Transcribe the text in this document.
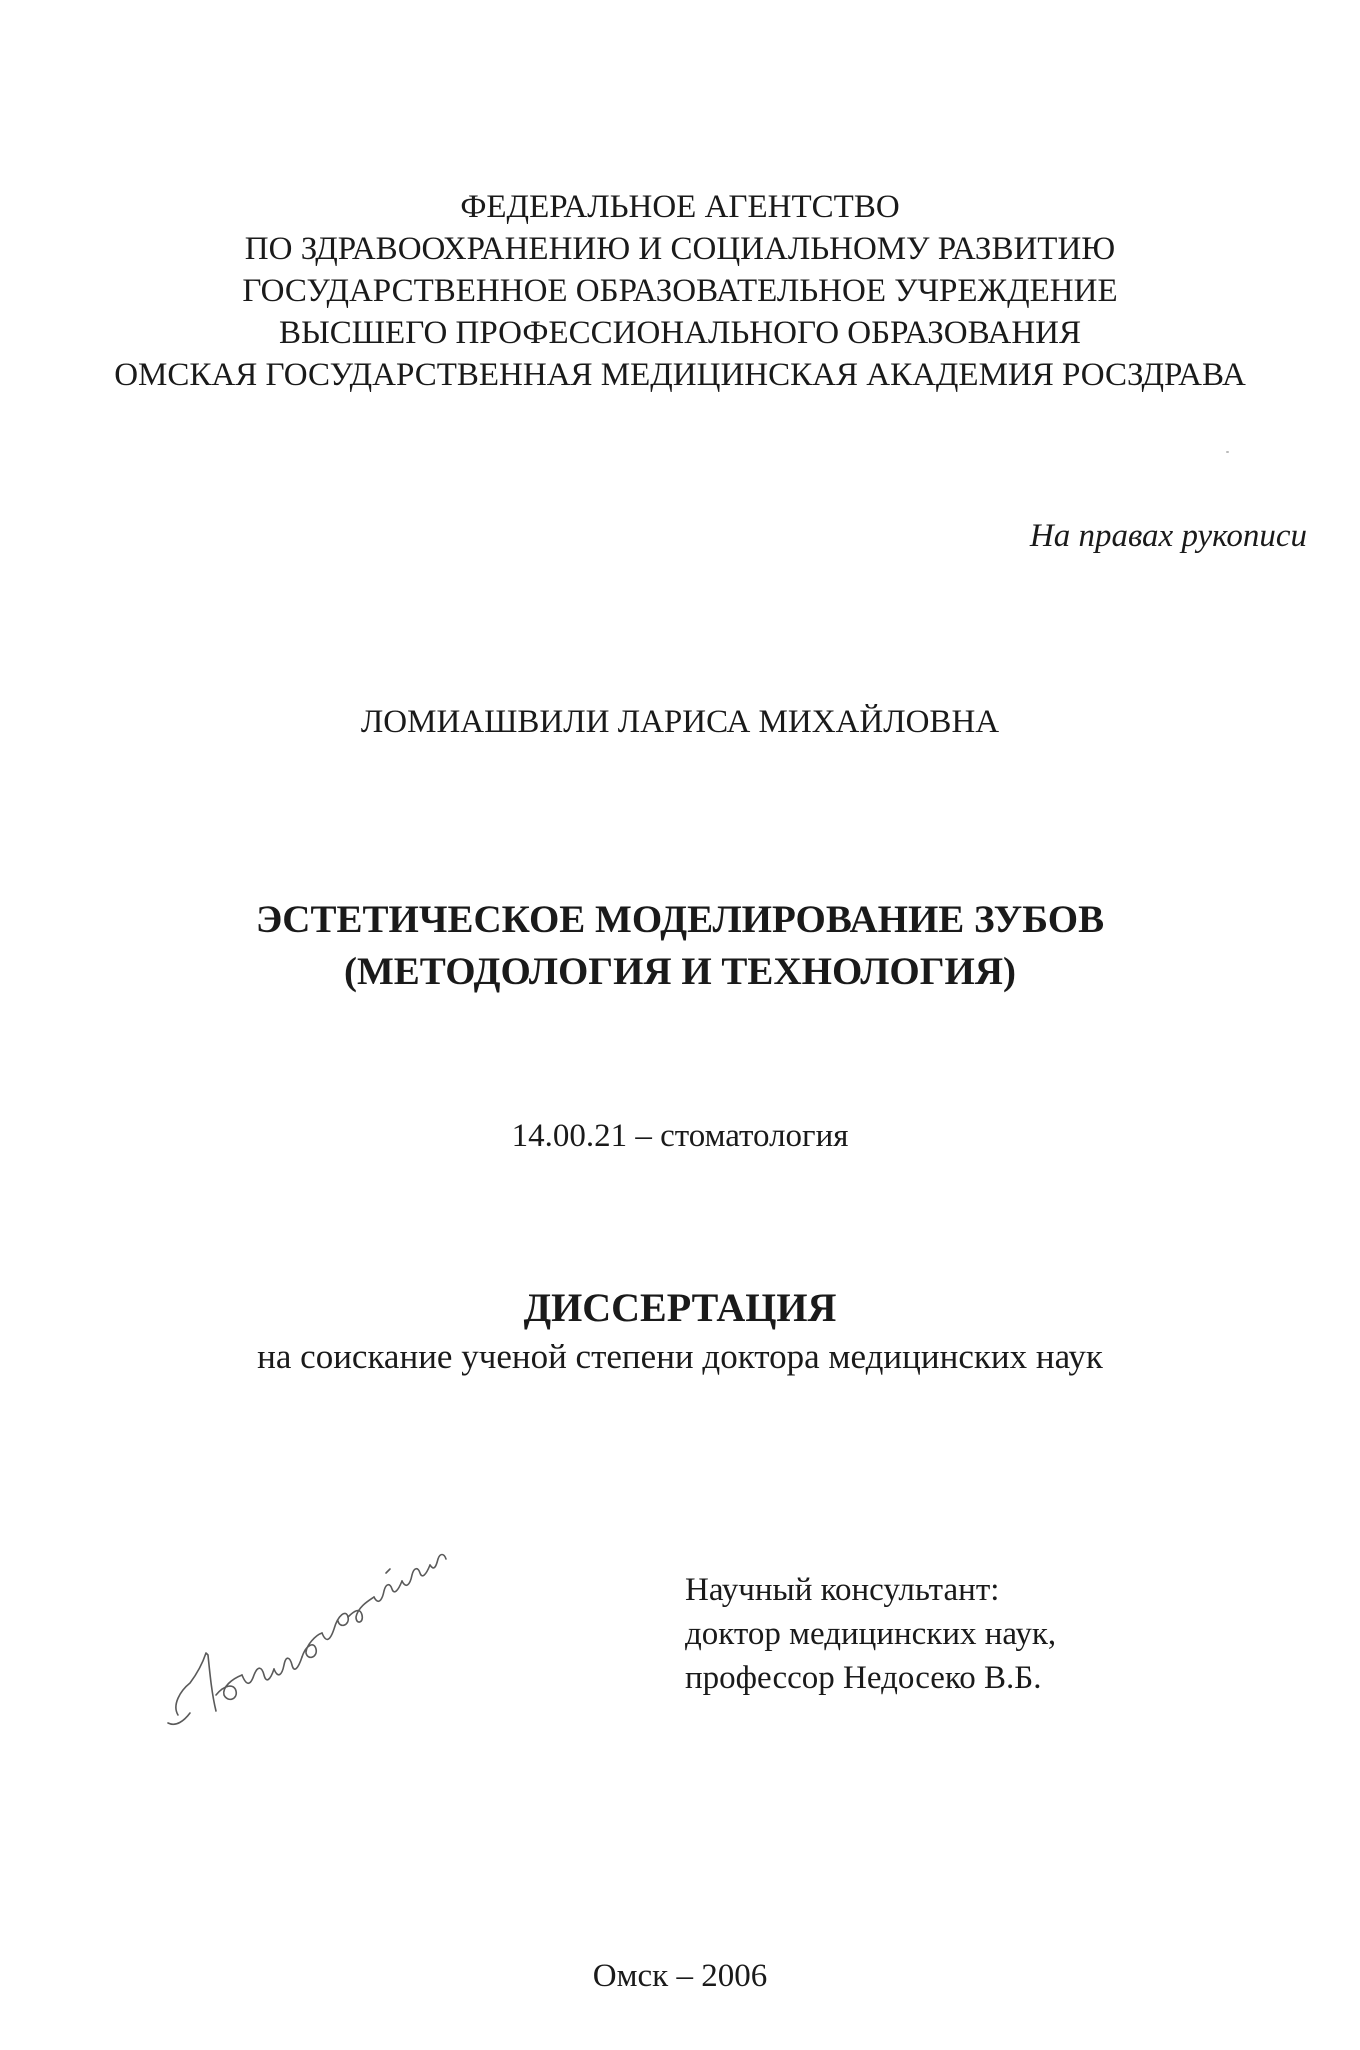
ФЕДЕРАЛЬНОЕ АГЕНТСТВО
ПО ЗДРАВООХРАНЕНИЮ И СОЦИАЛЬНОМУ РАЗВИТИЮ
ГОСУДАРСТВЕННОЕ ОБРАЗОВАТЕЛЬНОЕ УЧРЕЖДЕНИЕ
ВЫСШЕГО ПРОФЕССИОНАЛЬНОГО ОБРАЗОВАНИЯ
ОМСКАЯ ГОСУДАРСТВЕННАЯ МЕДИЦИНСКАЯ АКАДЕМИЯ РОСЗДРАВА
На правах рукописи
ЛОМИАШВИЛИ ЛАРИСА МИХАЙЛОВНА
ЭСТЕТИЧЕСКОЕ МОДЕЛИРОВАНИЕ ЗУБОВ
(МЕТОДОЛОГИЯ И ТЕХНОЛОГИЯ)
14.00.21 – стоматология
ДИССЕРТАЦИЯ
на соискание ученой степени доктора медицинских наук
Научный консультант:
доктор медицинских наук,
профессор Недосеко В.Б.
Омск – 2006
